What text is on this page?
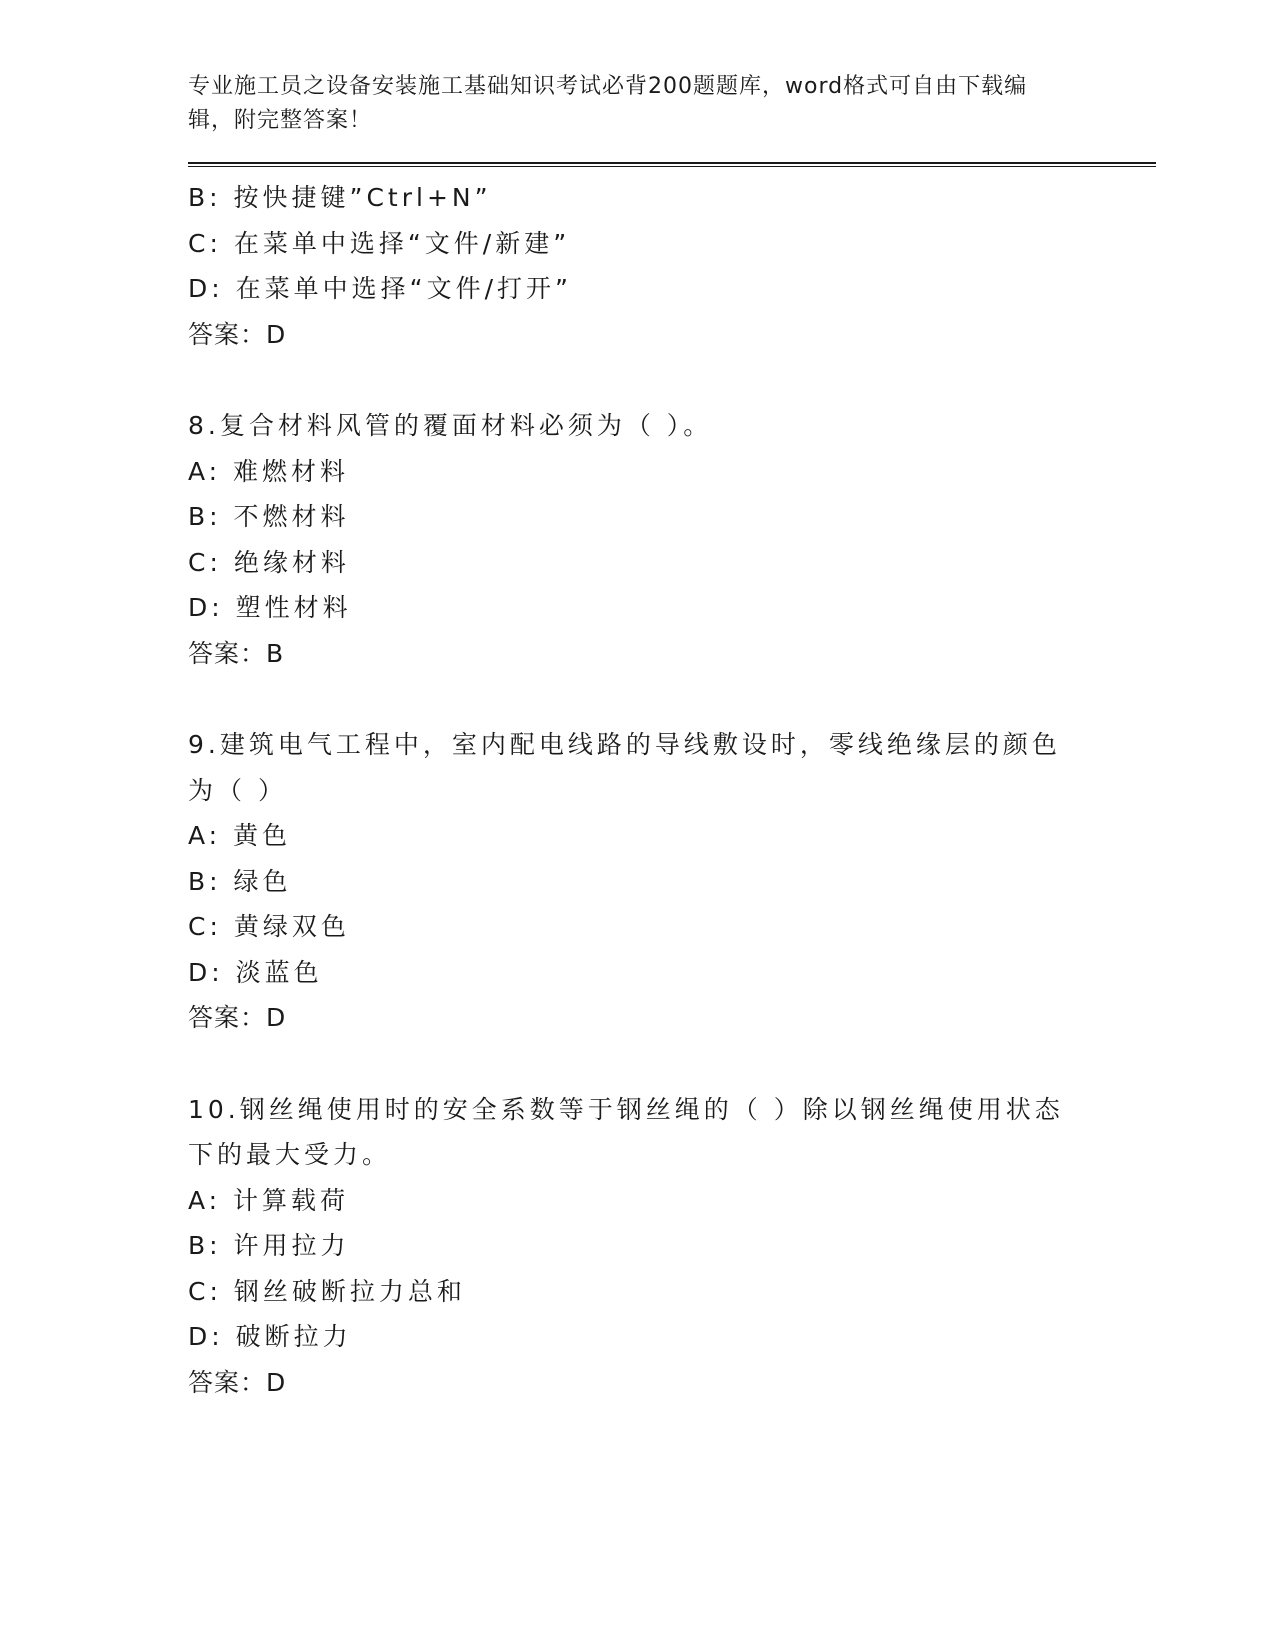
专业施工员之设备安装施工基础知识考试必背200题题库，word格式可自由下载编辑，附完整答案！

B: 按快捷键”Ctrl+N”
C: 在菜单中选择“文件/新建”
D: 在菜单中选择“文件/打开”
答案：D
8.复合材料风管的覆面材料必须为（ ）。
A: 难燃材料
B: 不燃材料
C: 绝缘材料
D: 塑性材料
答案：B
9.建筑电气工程中，室内配电线路的导线敷设时，零线绝缘层的颜色为（ ）
A: 黄色
B: 绿色
C: 黄绿双色
D: 淡蓝色
答案：D
10.钢丝绳使用时的安全系数等于钢丝绳的（ ）除以钢丝绳使用状态下的最大受力。
A: 计算载荷
B: 许用拉力
C: 钢丝破断拉力总和
D: 破断拉力
答案：D
